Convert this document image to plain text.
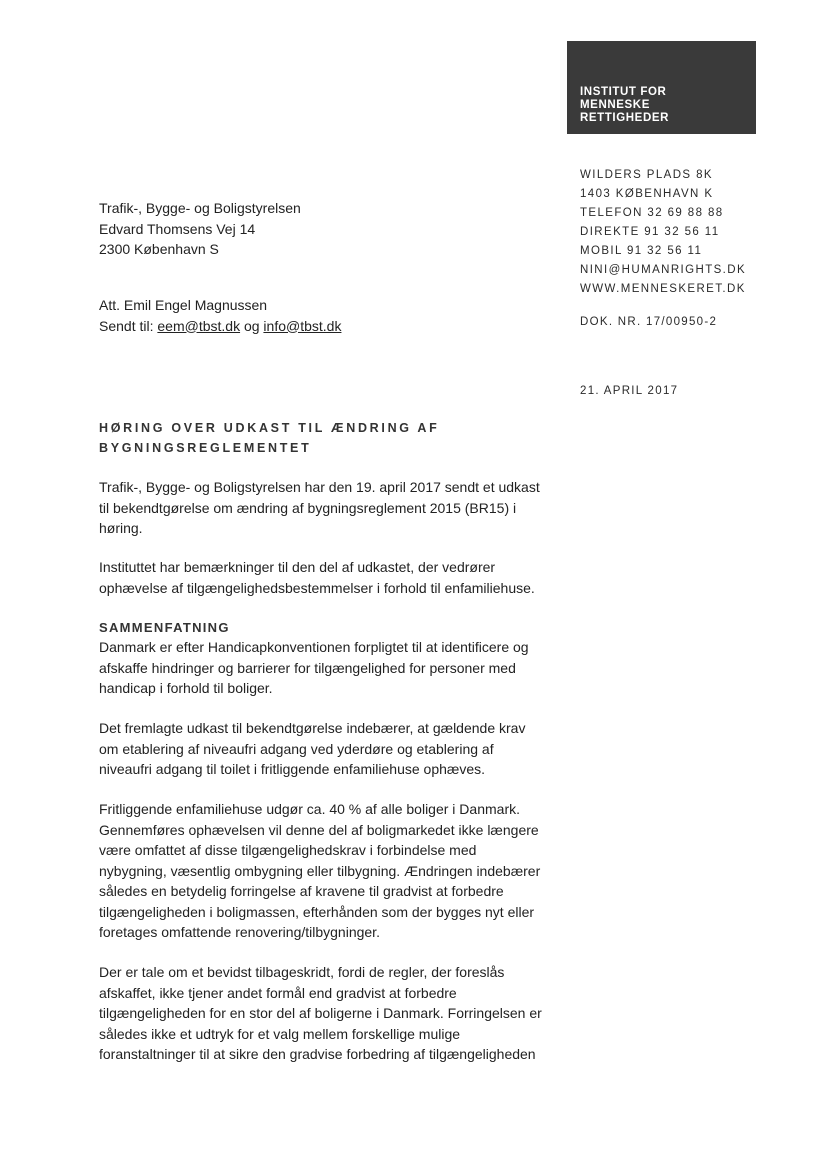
INSTITUT FOR
MENNESKE
RETTIGHEDER
WILDERS PLADS 8K
1403 KØBENHAVN K
TELEFON 32 69 88 88
DIREKTE 91 32 56 11
MOBIL 91 32 56 11
NINI@HUMANRIGHTS.DK
WWW.MENNESKERET.DK
DOK. NR. 17/00950-2
21. APRIL 2017
Trafik-, Bygge- og Boligstyrelsen
Edvard Thomsens Vej 14
2300 København S
Att. Emil Engel Magnussen
Sendt til: eem@tbst.dk og info@tbst.dk
HØRING OVER UDKAST TIL ÆNDRING AF
BYGNINGSREGLEMENTET
Trafik-, Bygge- og Boligstyrelsen har den 19. april 2017 sendt et udkast
til bekendtgørelse om ændring af bygningsreglement 2015 (BR15) i
høring.
Instituttet har bemærkninger til den del af udkastet, der vedrører
ophævelse af tilgængelighedsbestemmelser i forhold til enfamiliehuse.
SAMMENFATNING
Danmark er efter Handicapkonventionen forpligtet til at identificere og
afskaffe hindringer og barrierer for tilgængelighed for personer med
handicap i forhold til boliger.
Det fremlagte udkast til bekendtgørelse indebærer, at gældende krav
om etablering af niveaufri adgang ved yderdøre og etablering af
niveaufri adgang til toilet i fritliggende enfamiliehuse ophæves.
Fritliggende enfamiliehuse udgør ca. 40 % af alle boliger i Danmark.
Gennemføres ophævelsen vil denne del af boligmarkedet ikke længere
være omfattet af disse tilgængelighedskrav i forbindelse med
nybygning, væsentlig ombygning eller tilbygning. Ændringen indebærer
således en betydelig forringelse af kravene til gradvist at forbedre
tilgængeligheden i boligmassen, efterhånden som der bygges nyt eller
foretages omfattende renovering/tilbygninger.
Der er tale om et bevidst tilbageskridt, fordi de regler, der foreslås
afskaffet, ikke tjener andet formål end gradvist at forbedre
tilgængeligheden for en stor del af boligerne i Danmark. Forringelsen er
således ikke et udtryk for et valg mellem forskellige mulige
foranstaltninger til at sikre den gradvise forbedring af tilgængeligheden
